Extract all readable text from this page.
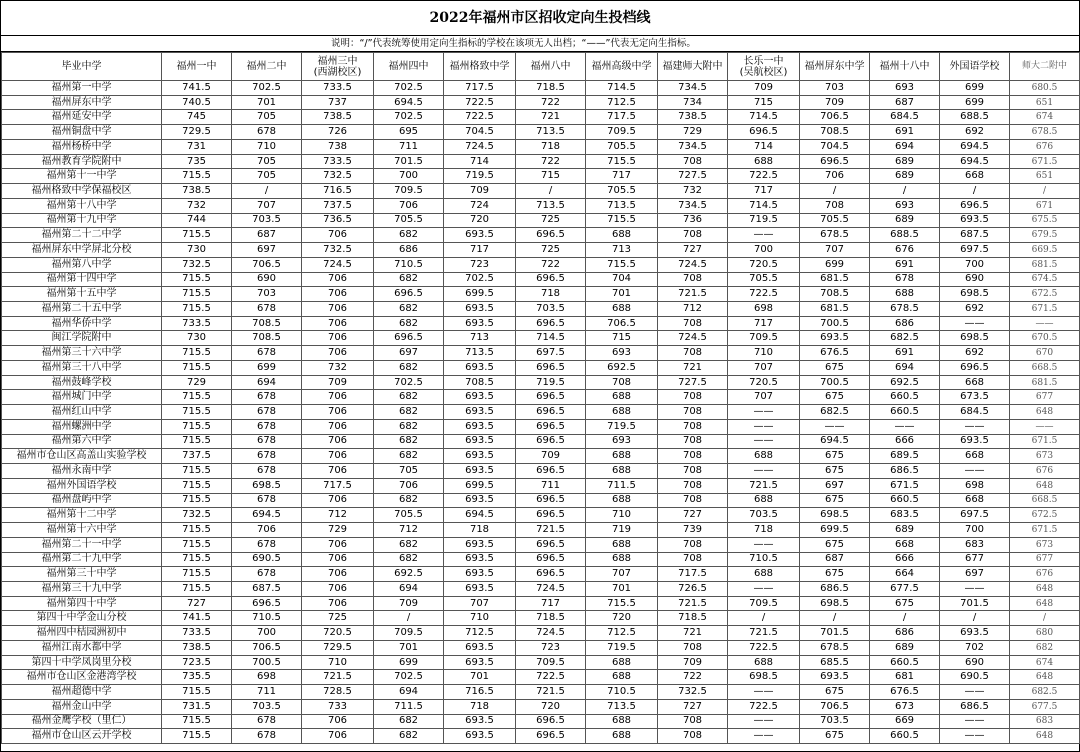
2022年福州市区招收定向生投档线
说明：“/”代表统筹使用定向生指标的学校在该项无人出档；“——”代表无定向生指标。
毕业中学	福州一中	福州二中	福州三中
(西湖校区)	福州四中	福州格致中学	福州八中	福州高级中学	福建师大附中	长乐一中
(吴航校区)	福州屏东中学	福州十八中	外国语学校	师大二附中
福州第一中学	741.5	702.5	733.5	702.5	717.5	718.5	714.5	734.5	709	703	693	699	680.5
福州屏东中学	740.5	701	737	694.5	722.5	722	712.5	734	715	709	687	699	651
福州延安中学	745	705	738.5	702.5	722.5	721	717.5	738.5	714.5	706.5	684.5	688.5	674
福州铜盘中学	729.5	678	726	695	704.5	713.5	709.5	729	696.5	708.5	691	692	678.5
福州杨桥中学	731	710	738	711	724.5	718	705.5	734.5	714	704.5	694	694.5	676
福州教育学院附中	735	705	733.5	701.5	714	722	715.5	708	688	696.5	689	694.5	671.5
福州第十一中学	715.5	705	732.5	700	719.5	715	717	727.5	722.5	706	689	668	651
福州格致中学保福校区	738.5	/	716.5	709.5	709	/	705.5	732	717	/	/	/	/
福州第十八中学	732	707	737.5	706	724	713.5	713.5	734.5	714.5	708	693	696.5	671
福州第十九中学	744	703.5	736.5	705.5	720	725	715.5	736	719.5	705.5	689	693.5	675.5
福州第二十二中学	715.5	687	706	682	693.5	696.5	688	708	——	678.5	688.5	687.5	679.5
福州屏东中学屏北分校	730	697	732.5	686	717	725	713	727	700	707	676	697.5	669.5
福州第八中学	732.5	706.5	724.5	710.5	723	722	715.5	724.5	720.5	699	691	700	681.5
福州第十四中学	715.5	690	706	682	702.5	696.5	704	708	705.5	681.5	678	690	674.5
福州第十五中学	715.5	703	706	696.5	699.5	718	701	721.5	722.5	708.5	688	698.5	672.5
福州第二十五中学	715.5	678	706	682	693.5	703.5	688	712	698	681.5	678.5	692	671.5
福州华侨中学	733.5	708.5	706	682	693.5	696.5	706.5	708	717	700.5	686	——	——
闽江学院附中	730	708.5	706	696.5	713	714.5	715	724.5	709.5	693.5	682.5	698.5	670.5
福州第三十六中学	715.5	678	706	697	713.5	697.5	693	708	710	676.5	691	692	670
福州第三十八中学	715.5	699	732	682	693.5	696.5	692.5	721	707	675	694	696.5	668.5
福州鼓峰学校	729	694	709	702.5	708.5	719.5	708	727.5	720.5	700.5	692.5	668	681.5
福州城门中学	715.5	678	706	682	693.5	696.5	688	708	707	675	660.5	673.5	677
福州红山中学	715.5	678	706	682	693.5	696.5	688	708	——	682.5	660.5	684.5	648
福州螺洲中学	715.5	678	706	682	693.5	696.5	719.5	708	——	——	——	——	——
福州第六中学	715.5	678	706	682	693.5	696.5	693	708	——	694.5	666	693.5	671.5
福州市仓山区高盖山实验学校	737.5	678	706	682	693.5	709	688	708	688	675	689.5	668	673
福州永南中学	715.5	678	706	705	693.5	696.5	688	708	——	675	686.5	——	676
福州外国语学校	715.5	698.5	717.5	706	699.5	711	711.5	708	721.5	697	671.5	698	648
福州盘屿中学	715.5	678	706	682	693.5	696.5	688	708	688	675	660.5	668	668.5
福州第十二中学	732.5	694.5	712	705.5	694.5	696.5	710	727	703.5	698.5	683.5	697.5	672.5
福州第十六中学	715.5	706	729	712	718	721.5	719	739	718	699.5	689	700	671.5
福州第二十一中学	715.5	678	706	682	693.5	696.5	688	708	——	675	668	683	673
福州第二十九中学	715.5	690.5	706	682	693.5	696.5	688	708	710.5	687	666	677	677
福州第三十中学	715.5	678	706	692.5	693.5	696.5	707	717.5	688	675	664	697	676
福州第三十九中学	715.5	687.5	706	694	693.5	724.5	701	726.5	——	686.5	677.5	——	648
福州第四十中学	727	696.5	706	709	707	717	715.5	721.5	709.5	698.5	675	701.5	648
第四十中学金山分校	741.5	710.5	725	/	710	718.5	720	718.5	/	/	/	/	/
福州四中桔园洲初中	733.5	700	720.5	709.5	712.5	724.5	712.5	721	721.5	701.5	686	693.5	680
福州江南水都中学	738.5	706.5	729.5	701	693.5	723	719.5	708	722.5	678.5	689	702	682
第四十中学凤岗里分校	723.5	700.5	710	699	693.5	709.5	688	709	688	685.5	660.5	690	674
福州市仓山区金港湾学校	735.5	698	721.5	702.5	701	722.5	688	722	698.5	693.5	681	690.5	648
福州超德中学	715.5	711	728.5	694	716.5	721.5	710.5	732.5	——	675	676.5	——	682.5
福州金山中学	731.5	703.5	733	711.5	718	720	713.5	727	722.5	706.5	673	686.5	677.5
福州金鹰学校（里仁）	715.5	678	706	682	693.5	696.5	688	708	——	703.5	669	——	683
福州市仓山区云开学校	715.5	678	706	682	693.5	696.5	688	708	——	675	660.5	——	648
